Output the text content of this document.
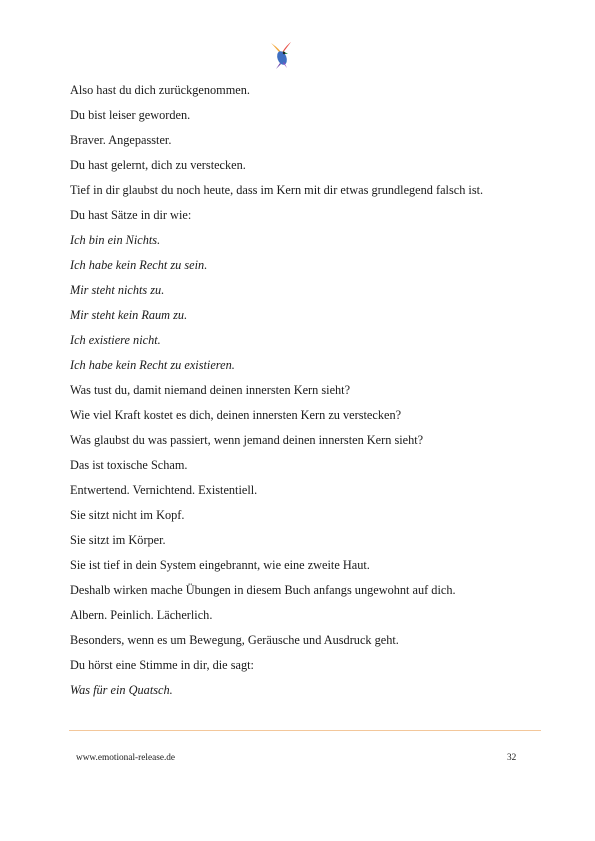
Also hast du dich zurückgenommen.

Du bist leiser geworden.

Braver. Angepasster.

Du hast gelernt, dich zu verstecken.

Tief in dir glaubst du noch heute, dass im Kern mit dir etwas grundlegend falsch ist.

Du hast Sätze in dir wie:

Ich bin ein Nichts.

Ich habe kein Recht zu sein.

Mir steht nichts zu.

Mir steht kein Raum zu.

Ich existiere nicht.

Ich habe kein Recht zu existieren.

Was tust du, damit niemand deinen innersten Kern sieht?

Wie viel Kraft kostet es dich, deinen innersten Kern zu verstecken?

Was glaubst du was passiert, wenn jemand deinen innersten Kern sieht?

Das ist toxische Scham.

Entwertend. Vernichtend. Existentiell.

Sie sitzt nicht im Kopf.

Sie sitzt im Körper.

Sie ist tief in dein System eingebrannt, wie eine zweite Haut.

Deshalb wirken mache Übungen in diesem Buch anfangs ungewohnt auf dich.

Albern. Peinlich. Lächerlich.

Besonders, wenn es um Bewegung, Geräusche und Ausdruck geht.

Du hörst eine Stimme in dir, die sagt:

Was für ein Quatsch.

www.emotional-release.de	32
